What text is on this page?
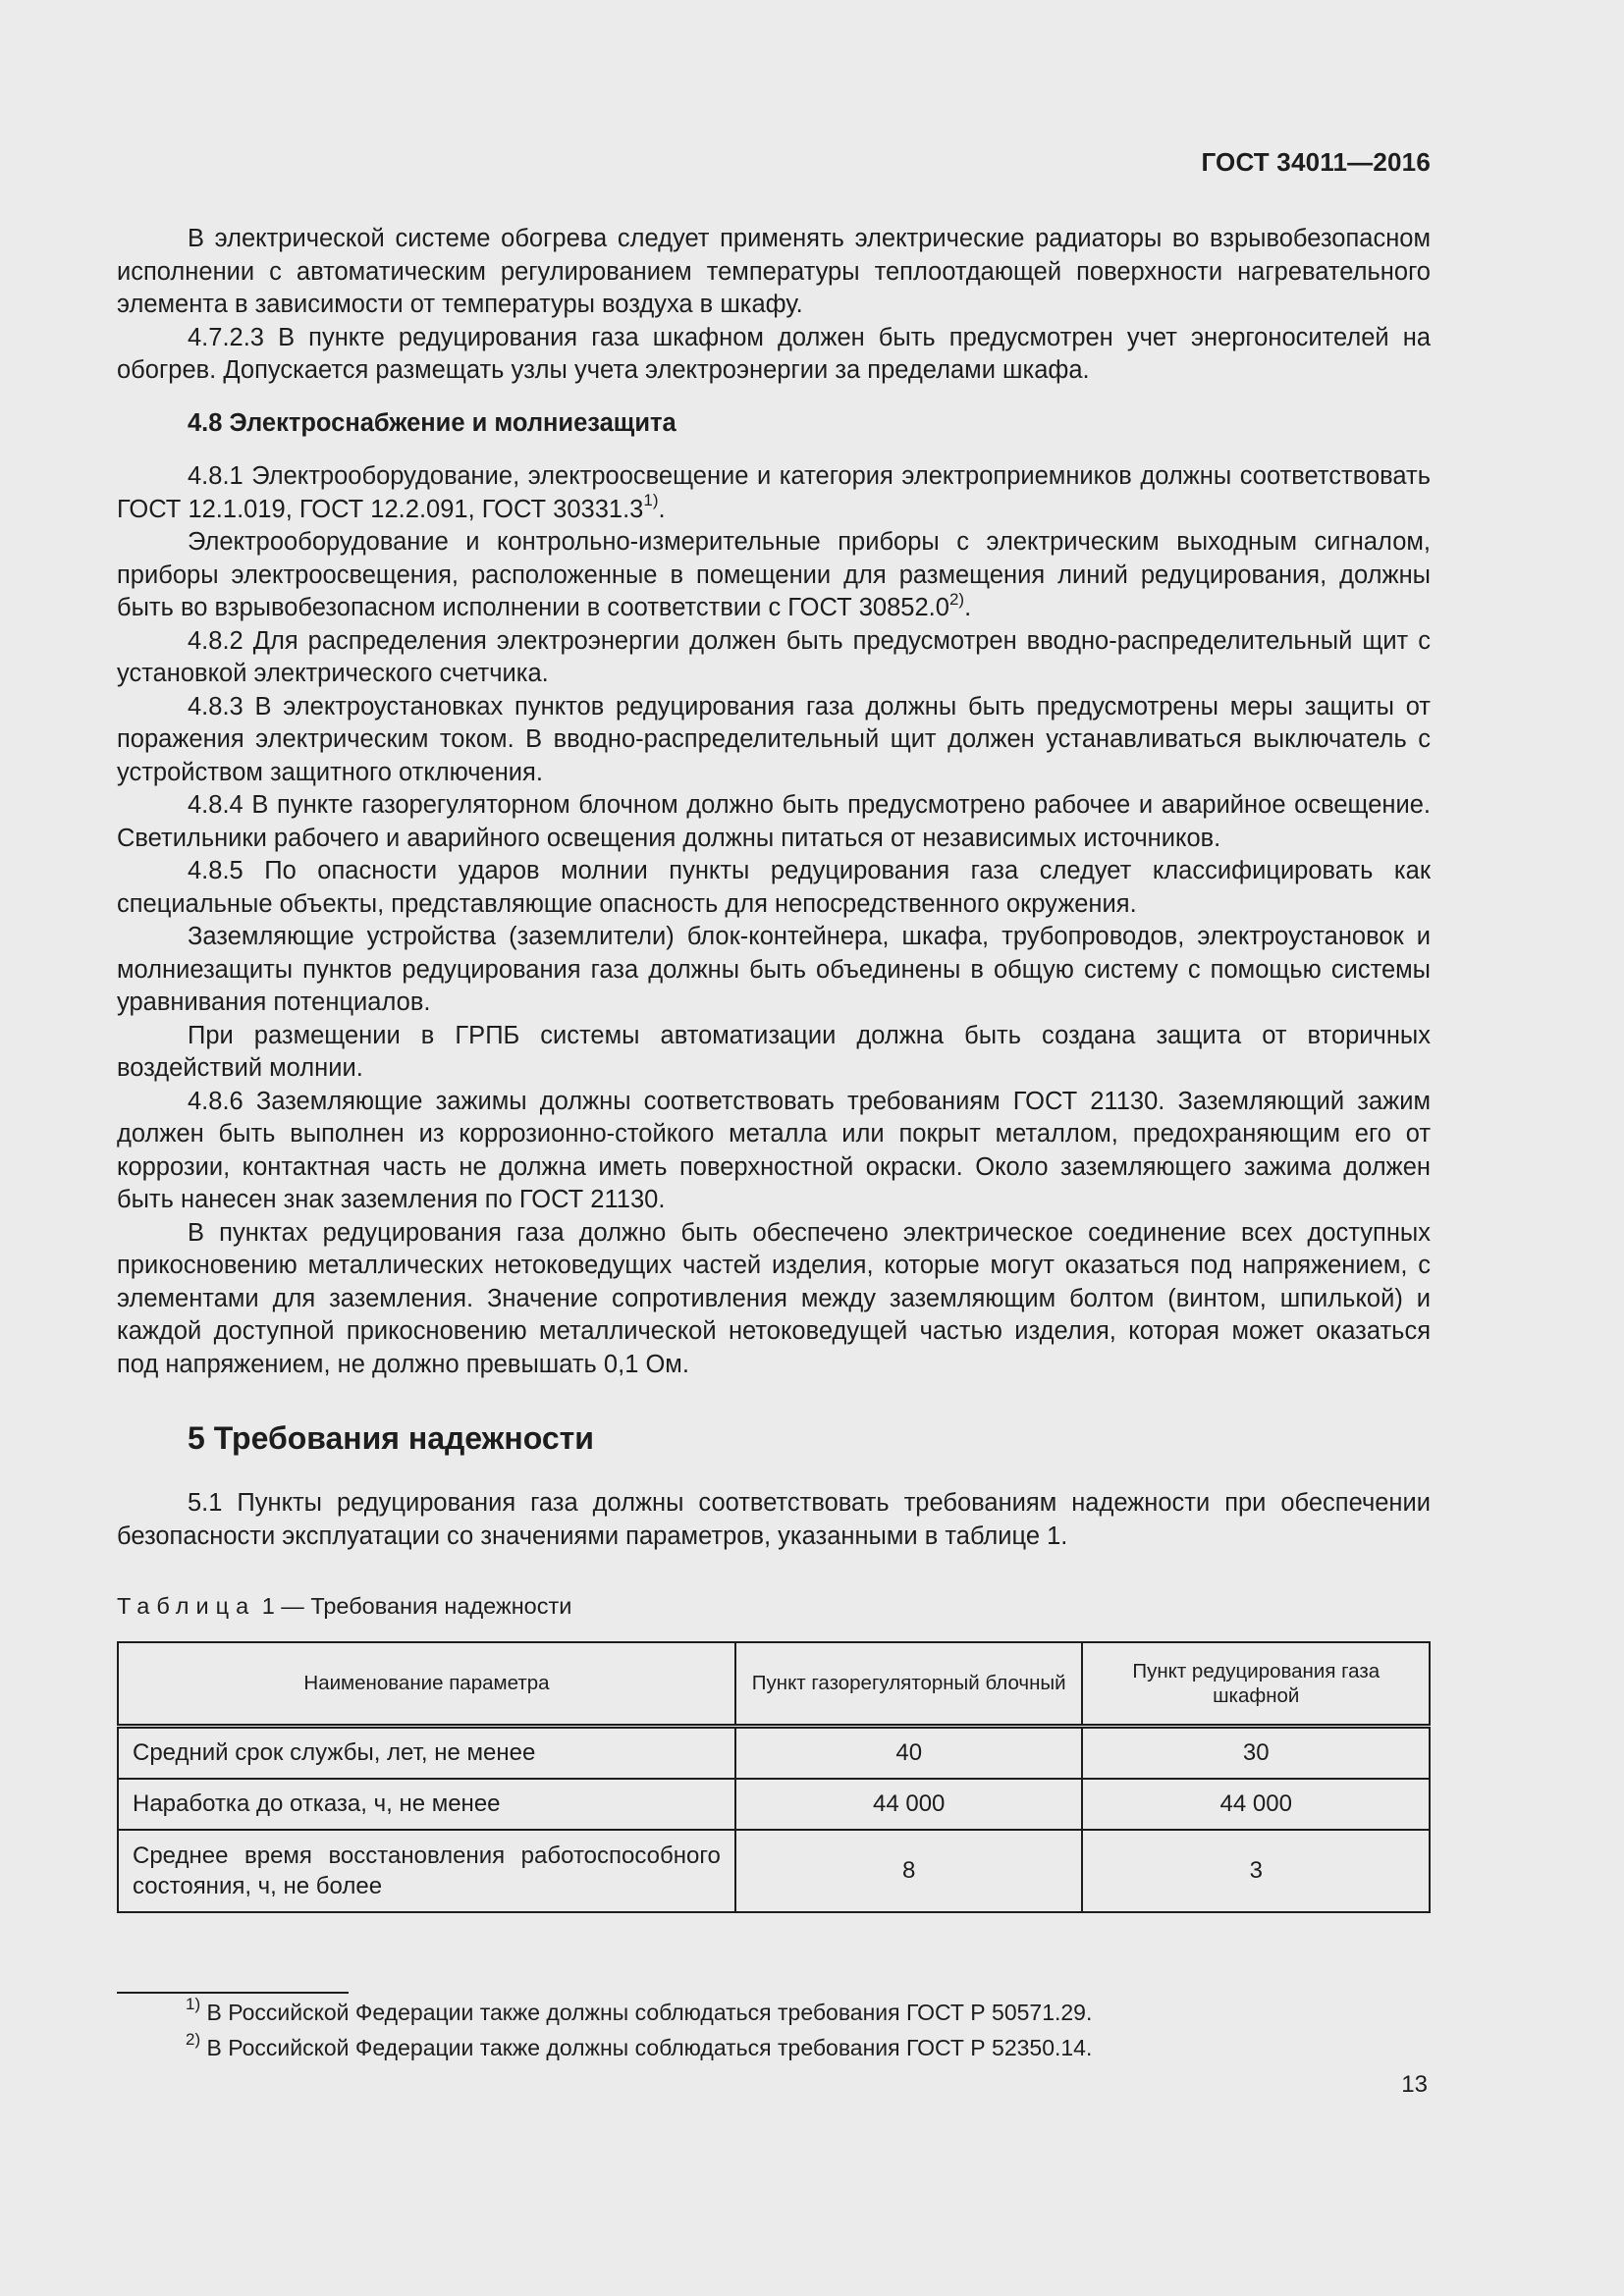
ГОСТ 34011—2016

В электрической системе обогрева следует применять электрические радиаторы во взрывобезопасном исполнении с автоматическим регулированием температуры теплоотдающей поверхности нагревательного элемента в зависимости от температуры воздуха в шкафу.

4.7.2.3 В пункте редуцирования газа шкафном должен быть предусмотрен учет энергоносителей на обогрев. Допускается размещать узлы учета электроэнергии за пределами шкафа.

4.8 Электроснабжение и молниезащита

4.8.1 Электрооборудование, электроосвещение и категория электроприемников должны соответствовать ГОСТ 12.1.019, ГОСТ 12.2.091, ГОСТ 30331.3$^{1)}$.

Электрооборудование и контрольно-измерительные приборы с электрическим выходным сигналом, приборы электроосвещения, расположенные в помещении для размещения линий редуцирования, должны быть во взрывобезопасном исполнении в соответствии с ГОСТ 30852.0$^{2)}$.

4.8.2 Для распределения электроэнергии должен быть предусмотрен вводно-распределительный щит с установкой электрического счетчика.

4.8.3 В электроустановках пунктов редуцирования газа должны быть предусмотрены меры защиты от поражения электрическим током. В вводно-распределительный щит должен устанавливаться выключатель с устройством защитного отключения.

4.8.4 В пункте газорегуляторном блочном должно быть предусмотрено рабочее и аварийное освещение. Светильники рабочего и аварийного освещения должны питаться от независимых источников.

4.8.5 По опасности ударов молнии пункты редуцирования газа следует классифицировать как специальные объекты, представляющие опасность для непосредственного окружения.

Заземляющие устройства (заземлители) блок-контейнера, шкафа, трубопроводов, электроустановок и молниезащиты пунктов редуцирования газа должны быть объединены в общую систему с помощью системы уравнивания потенциалов.

При размещении в ГРПБ системы автоматизации должна быть создана защита от вторичных воздействий молнии.

4.8.6 Заземляющие зажимы должны соответствовать требованиям ГОСТ 21130. Заземляющий зажим должен быть выполнен из коррозионно-стойкого металла или покрыт металлом, предохраняющим его от коррозии, контактная часть не должна иметь поверхностной окраски. Около заземляющего зажима должен быть нанесен знак заземления по ГОСТ 21130.

В пунктах редуцирования газа должно быть обеспечено электрическое соединение всех доступных прикосновению металлических нетоковедущих частей изделия, которые могут оказаться под напряжением, с элементами для заземления. Значение сопротивления между заземляющим болтом (винтом, шпилькой) и каждой доступной прикосновению металлической нетоковедущей частью изделия, которая может оказаться под напряжением, не должно превышать 0,1 Ом.

5 Требования надежности

5.1 Пункты редуцирования газа должны соответствовать требованиям надежности при обеспечении безопасности эксплуатации со значениями параметров, указанными в таблице 1.

Таблица 1 — Требования надежности
Наименование параметра	Пункт газорегуляторный блочный	Пункт редуцирования газа шкафной
Средний срок службы, лет, не менее	40	30
Наработка до отказа, ч, не менее	44 000	44 000
Среднее время восстановления работоспособного состояния, ч, не более	8	3
$^{1)}$ В Российской Федерации также должны соблюдаться требования ГОСТ Р 50571.29.
$^{2)}$ В Российской Федерации также должны соблюдаться требования ГОСТ Р 52350.14.
13
